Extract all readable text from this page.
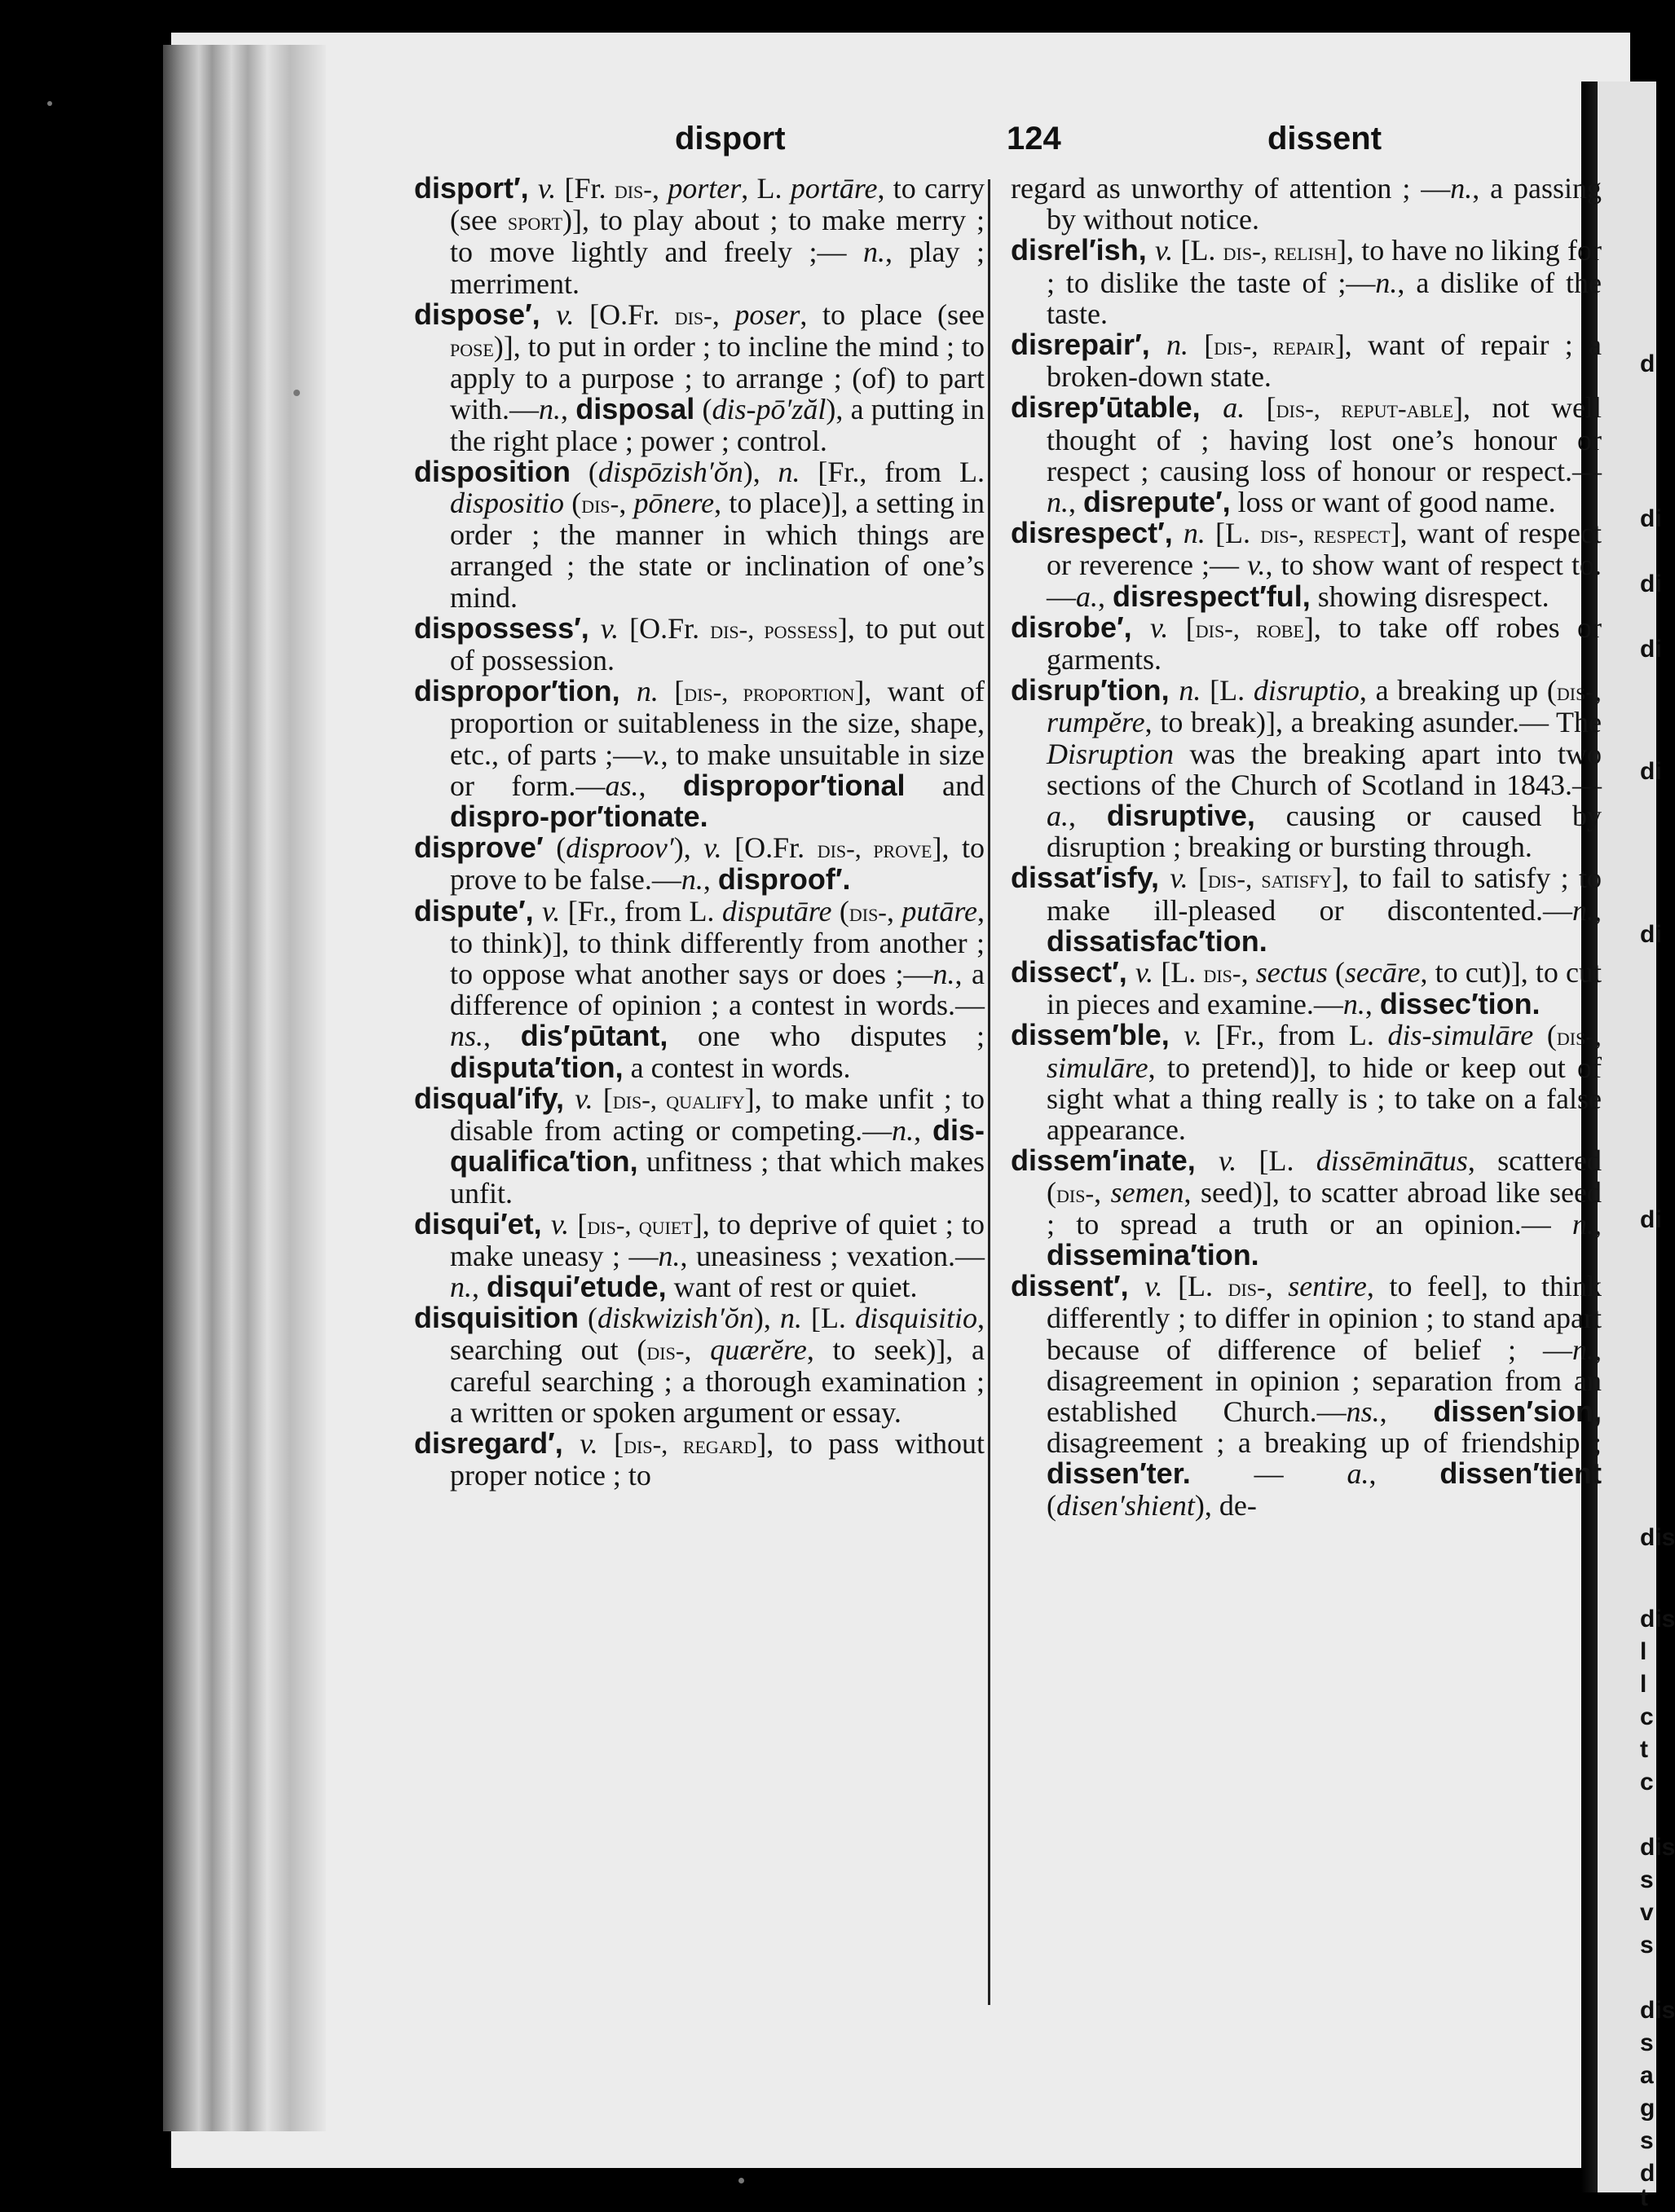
disport	124	dissent

disport′, v. [Fr. dis-, porter, L. portāre, to carry (see sport)], to play about ; to make merry ; to move lightly and freely ;— n., play ; merriment.

dispose′, v. [O.Fr. dis-, poser, to place (see pose)], to put in order ; to incline the mind ; to apply to a purpose ; to arrange ; (of) to part with.—n., disposal (dis-pō′zăl), a putting in the right place ; power ; control.

disposition (dispōzish′ŏn), n. [Fr., from L. dispositio (dis-, pōnere, to place)], a setting in order ; the manner in which things are arranged ; the state or inclination of one’s mind.

dispossess′, v. [O.Fr. dis-, possess], to put out of possession.

dispropor′tion, n. [dis-, proportion], want of proportion or suitableness in the size, shape, etc., of parts ;—v., to make unsuitable in size or form.—as., dispropor′tional and dispro-por′tionate.

disprove′ (disproov′), v. [O.Fr. dis-, prove], to prove to be false.—n., disproof′.

dispute′, v. [Fr., from L. disputāre (dis-, putāre, to think)], to think differently from another ; to oppose what another says or does ;—n., a difference of opinion ; a contest in words.—ns., dis′pūtant, one who disputes ; disputa′tion, a contest in words.

disqual′ify, v. [dis-, qualify], to make unfit ; to disable from acting or competing.—n., dis-qualifica′tion, unfitness ; that which makes unfit.

disqui′et, v. [dis-, quiet], to deprive of quiet ; to make uneasy ; —n., uneasiness ; vexation.— n., disqui′etude, want of rest or quiet.

disquisition (diskwizish′ŏn), n. [L. disquisitio, searching out (dis-, quærĕre, to seek)], a careful searching ; a thorough examination ; a written or spoken argument or essay.

disregard′, v. [dis-, regard], to pass without proper notice ; to

regard as unworthy of attention ; —n., a passing by without notice.

disrel′ish, v. [L. dis-, relish], to have no liking for ; to dislike the taste of ;—n., a dislike of the taste.

disrepair′, n. [dis-, repair], want of repair ; a broken-down state.

disrep′ūtable, a. [dis-, reput-able], not well thought of ; having lost one’s honour or respect ; causing loss of honour or respect.—n., disrepute′, loss or want of good name.

disrespect′, n. [L. dis-, respect], want of respect or reverence ;— v., to show want of respect to. —a., disrespect′ful, showing disrespect.

disrobe′, v. [dis-, robe], to take off robes or garments.

disrup′tion, n. [L. disruptio, a breaking up (dis-, rumpĕre, to break)], a breaking asunder.— The Disruption was the breaking apart into two sections of the Church of Scotland in 1843.— a., disruptive, causing or caused by disruption ; breaking or bursting through.

dissat′isfy, v. [dis-, satisfy], to fail to satisfy ; to make ill-pleased or discontented.—n., dissatisfac′tion.

dissect′, v. [L. dis-, sectus (secāre, to cut)], to cut in pieces and examine.—n., dissec′tion.

dissem′ble, v. [Fr., from L. dis-simulāre (dis-, simulāre, to pretend)], to hide or keep out of sight what a thing really is ; to take on a false appearance.

dissem′inate, v. [L. dissēminātus, scattered (dis-, semen, seed)], to scatter abroad like seed ; to spread a truth or an opinion.— n., dissemina′tion.

dissent′, v. [L. dis-, sentire, to feel], to think differently ; to differ in opinion ; to stand apart because of difference of belief ; —n., disagreement in opinion ; separation from an established Church.—ns., dissen′sion, disagreement ; a breaking up of friendship ; dissen′ter. — a., dissen′tient (disen′shient), de-

d
di
di
di
di
di
di
dis
dis
l
l
c
t
c
dis
s
v
s
dis
s
a
g
s
d
t
